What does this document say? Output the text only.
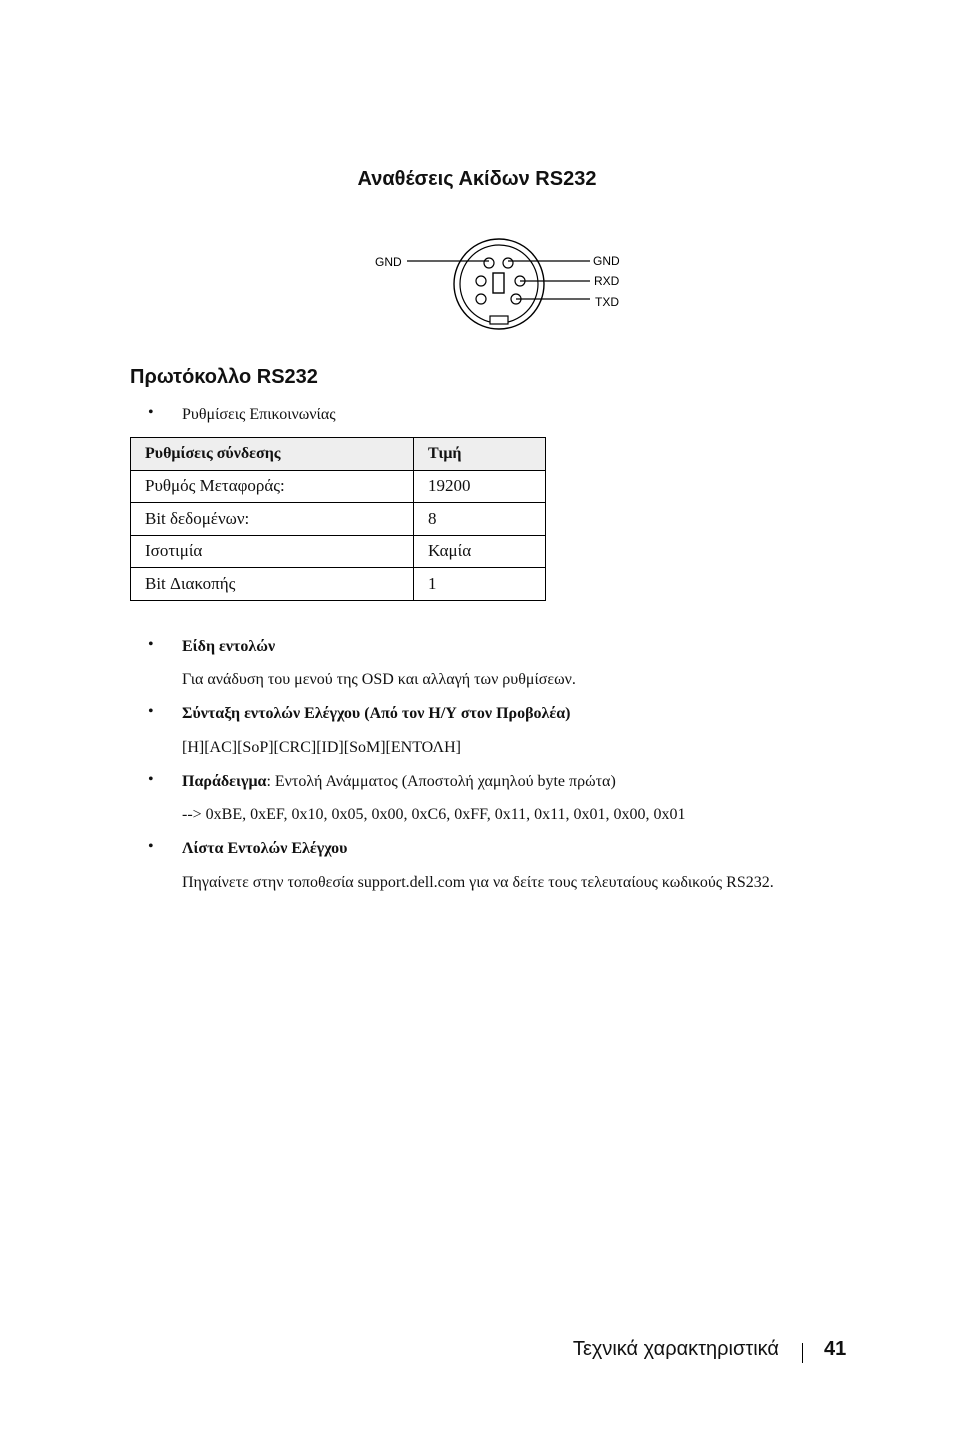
Αναθέσεις Ακίδων RS232
GND	GND
RXD
TXD
Πρωτόκολλο RS232
• Ρυθμίσεις Επικοινωνίας
Ρυθμίσεις σύνδεσης	Τιμή
Ρυθμός Μεταφοράς:	19200
Bit δεδομένων:	8
Ισοτιμία	Καμία
Bit Διακοπής	1
• Είδη εντολών
Για ανάδυση του μενού της OSD και αλλαγή των ρυθμίσεων.
• Σύνταξη εντολών Ελέγχου (Από τον Η/Υ στον Προβολέα)
[H][AC][SoP][CRC][ID][SoM][ΕΝΤΟΛΗ]
• Παράδειγμα: Εντολή Ανάμματος (Αποστολή χαμηλού byte πρώτα)
--> 0xBE, 0xEF, 0x10, 0x05, 0x00, 0xC6, 0xFF, 0x11, 0x11, 0x01, 0x00, 0x01
• Λίστα Εντολών Ελέγχου
Πηγαίνετε στην τοποθεσία support.dell.com για να δείτε τους τελευταίους κωδικούς RS232.
Τεχνικά χαρακτηριστικά 41
